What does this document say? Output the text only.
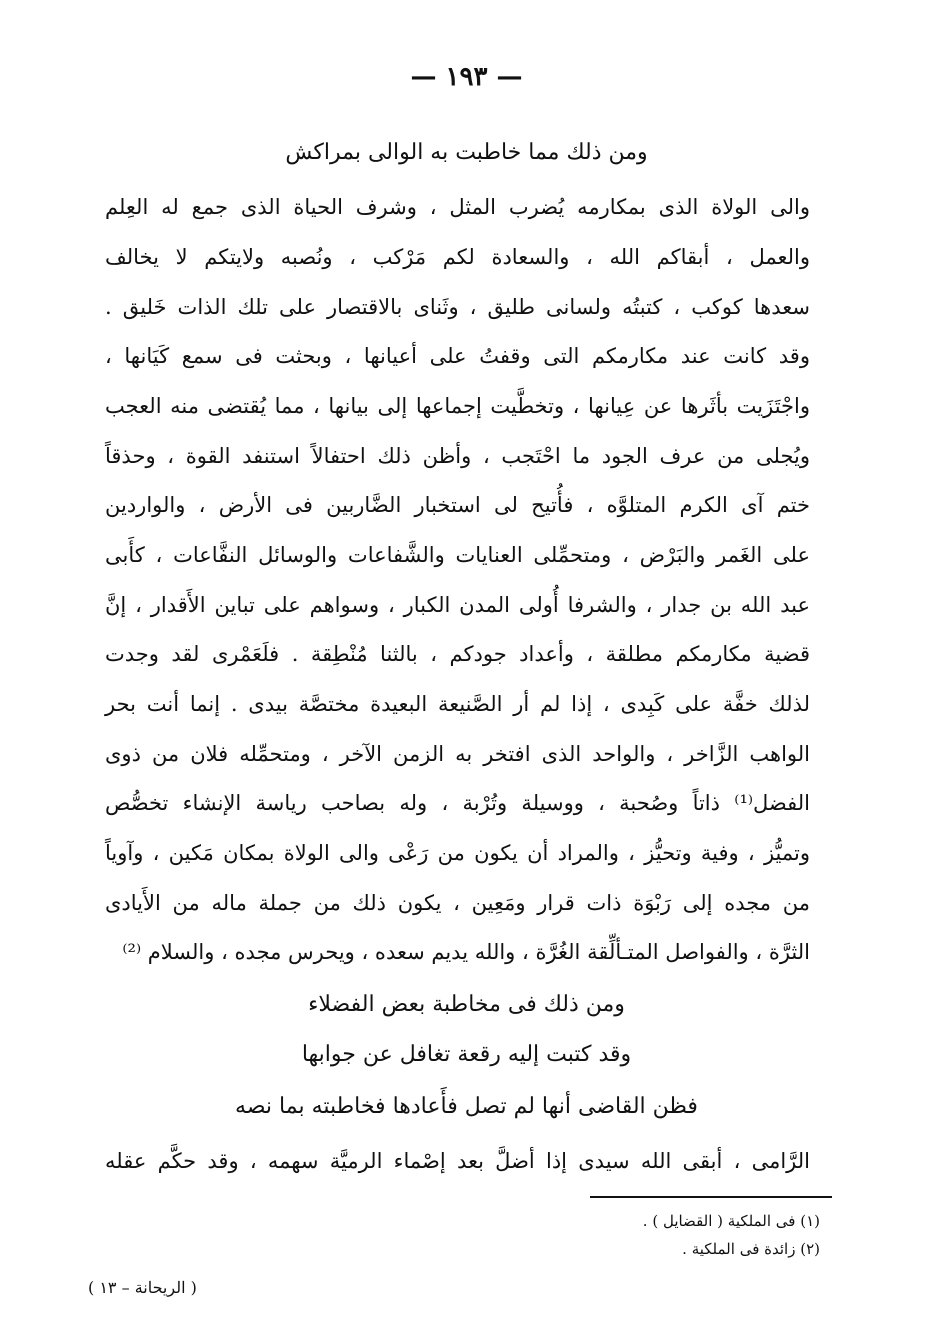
— ١٩٣ —
ومن ذلك مما خاطبت به الوالى بمراكش
والى الولاة الذى بمكارمه يُضرب المثل ، وشرف الحياة الذى جمع له العِلم
والعمل ، أبقاكم الله ، والسعادة لكم مَرْكب ، ونُصبه ولايتكم لا يخالف
سعدها كوكب ، كتبتُه ولسانى طليق ، وثَناى بالاقتصار على تلك الذات خَليق .
وقد كانت عند مكارمكم التى وقفتُ على أعيانها ، وبحثت فى سمع كَيَانها ،
واجْتَزَيت بأثَرها عن عِيانها ، وتخطَّيت إجماعها إلى بيانها ، مما يُقتضى منه العجب
ويُجلى من عرف الجود ما احْتَجب ، وأظن ذلك احتفالاً استنفد القوة ، وحذقاً
ختم آى الكرم المتلوَّه ، فأُتيح لى استخبار الضَّاربين فى الأرض ، والواردين
على الغَمر والبَرْض ، ومتحمِّلى العنايات والشَّفاعات والوسائل النفَّاعات ، كأَبى
عبد الله بن جدار ، والشرفا أُولى المدن الكبار ، وسواهم على تباين الأَقدار ، إنَّ
قضية مكارمكم مطلقة ، وأعداد جودكم ، بالثنا مُنْطِقة . فلَعَمْرى لقد وجدت
لذلك خفَّة على كَبِدى ، إذا لم أر الصَّنيعة البعيدة مختصَّة بيدى . إنما أنت بحر
الواهب الزَّاخر ، والواحد الذى افتخر به الزمن الآخر ، ومتحمِّله فلان من ذوى
الفضل⁽¹⁾ ذاتاً وصُحبة ، ووسيلة وتُرْبة ، وله بصاحب رياسة الإنشاء تخصُّص
وتميُّز ، وفية وتحيُّز ، والمراد أن يكون من رَعْى والى الولاة بمكان مَكين ، وآوياً
من مجده إلى رَبْوَة ذات قرار ومَعِين ، يكون ذلك من جملة ماله من الأَيادى
الثرَّة ، والفواصل المتـألِّقة الغُرَّة ، والله يديم سعده ، ويحرس مجده ، والسلام ⁽²⁾
ومن ذلك فى مخاطبة بعض الفضلاء
وقد كتبت إليه رقعة تغافل عن جوابها
فظن القاضى أنها لم تصل فأَعادها فخاطبته بما نصه
الرَّامى ، أبقى الله سيدى إذا أضلَّ بعد إصْماء الرميَّة سهمه ، وقد حكَّم عقله
(١) فى الملكية ( القضايل ) .
(٢) زائدة فى الملكية .
( الريحانة – ١٣ )
